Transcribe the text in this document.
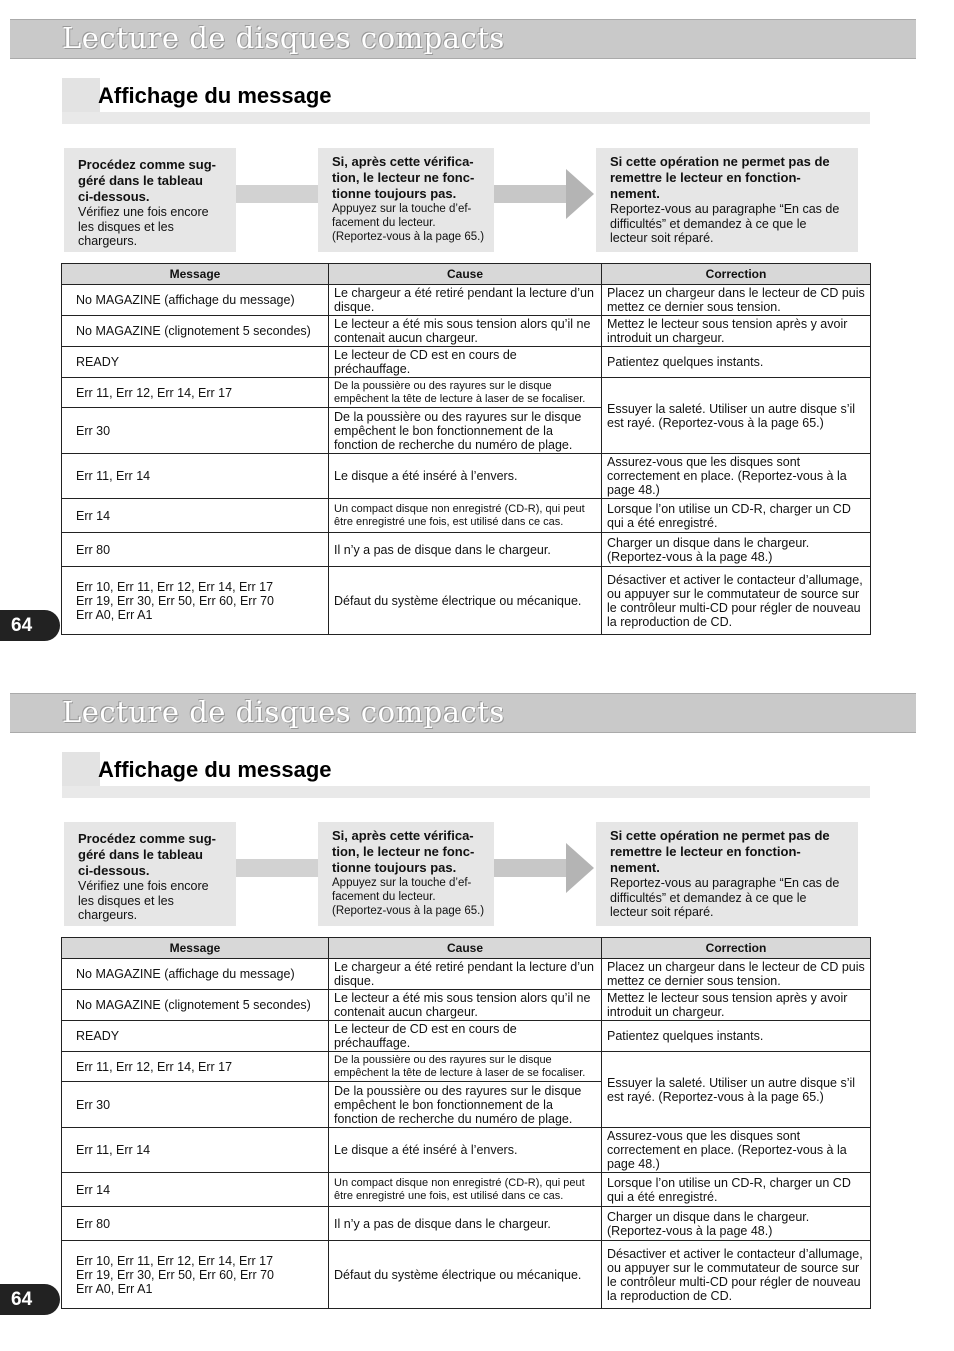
Lecture de disques compacts
Affichage du message
Procédez comme sug-
géré dans le tableau
ci-dessous.
Vérifiez une fois encore
les disques et les
chargeurs.
Si, après cette vérifica-
tion, le lecteur ne fonc-
tionne toujours pas.
Appuyez sur la touche d’ef-
facement du lecteur.
(Reportez-vous à la page 65.)
Si cette opération ne permet pas de
remettre le lecteur en fonction-
nement.
Reportez-vous au paragraphe “En cas de
difficultés” et demandez à ce que le
lecteur soit réparé.
Message	Cause	Correction
No MAGAZINE (affichage du message)	Le chargeur a été retiré pendant la lecture d’un disque.	Placez un chargeur dans le lecteur de CD puis mettez ce dernier sous tension.
No MAGAZINE (clignotement 5 secondes)	Le lecteur a été mis sous tension alors qu’il ne contenait aucun chargeur.	Mettez le lecteur sous tension après y avoir introduit un chargeur.
READY	Le lecteur de CD est en cours de préchauffage.	Patientez quelques instants.
Err 11, Err 12, Err 14, Err 17	De la poussière ou des rayures sur le disque empêchent la tête de lecture à laser de se focaliser.	Essuyer la saleté. Utiliser un autre disque s’il est rayé. (Reportez-vous à la page 65.)
Err 30	De la poussière ou des rayures sur le disque empêchent le bon fonctionnement de la fonction de recherche du numéro de plage.	
Err 11, Err 14	Le disque a été inséré à l’envers.	Assurez-vous que les disques sont correctement en place. (Reportez-vous à la page 48.)
Err 14	Un compact disque non enregistré (CD-R), qui peut être enregistré une fois, est utilisé dans ce cas.	Lorsque l’on utilise un CD-R, charger un CD qui a été enregistré.
Err 80	Il n’y a pas de disque dans le chargeur.	Charger un disque dans le chargeur. (Reportez-vous à la page 48.)
Err 10, Err 11, Err 12, Err 14, Err 17
Err 19, Err 30, Err 50, Err 60, Err 70
Err A0, Err A1	Défaut du système électrique ou mécanique.	Désactiver et activer le contacteur d’allumage, ou appuyer sur le commutateur de source sur le contrôleur multi-CD pour régler de nouveau la reproduction de CD.
64
Lecture de disques compacts
Affichage du message
Procédez comme sug-
géré dans le tableau
ci-dessous.
Vérifiez une fois encore
les disques et les
chargeurs.
Si, après cette vérifica-
tion, le lecteur ne fonc-
tionne toujours pas.
Appuyez sur la touche d’ef-
facement du lecteur.
(Reportez-vous à la page 65.)
Si cette opération ne permet pas de
remettre le lecteur en fonction-
nement.
Reportez-vous au paragraphe “En cas de
difficultés” et demandez à ce que le
lecteur soit réparé.
Message	Cause	Correction
No MAGAZINE (affichage du message)	Le chargeur a été retiré pendant la lecture d’un disque.	Placez un chargeur dans le lecteur de CD puis mettez ce dernier sous tension.
No MAGAZINE (clignotement 5 secondes)	Le lecteur a été mis sous tension alors qu’il ne contenait aucun chargeur.	Mettez le lecteur sous tension après y avoir introduit un chargeur.
READY	Le lecteur de CD est en cours de préchauffage.	Patientez quelques instants.
Err 11, Err 12, Err 14, Err 17	De la poussière ou des rayures sur le disque empêchent la tête de lecture à laser de se focaliser.	Essuyer la saleté. Utiliser un autre disque s’il est rayé. (Reportez-vous à la page 65.)
Err 30	De la poussière ou des rayures sur le disque empêchent le bon fonctionnement de la fonction de recherche du numéro de plage.	
Err 11, Err 14	Le disque a été inséré à l’envers.	Assurez-vous que les disques sont correctement en place. (Reportez-vous à la page 48.)
Err 14	Un compact disque non enregistré (CD-R), qui peut être enregistré une fois, est utilisé dans ce cas.	Lorsque l’on utilise un CD-R, charger un CD qui a été enregistré.
Err 80	Il n’y a pas de disque dans le chargeur.	Charger un disque dans le chargeur. (Reportez-vous à la page 48.)
Err 10, Err 11, Err 12, Err 14, Err 17
Err 19, Err 30, Err 50, Err 60, Err 70
Err A0, Err A1	Défaut du système électrique ou mécanique.	Désactiver et activer le contacteur d’allumage, ou appuyer sur le commutateur de source sur le contrôleur multi-CD pour régler de nouveau la reproduction de CD.
64
